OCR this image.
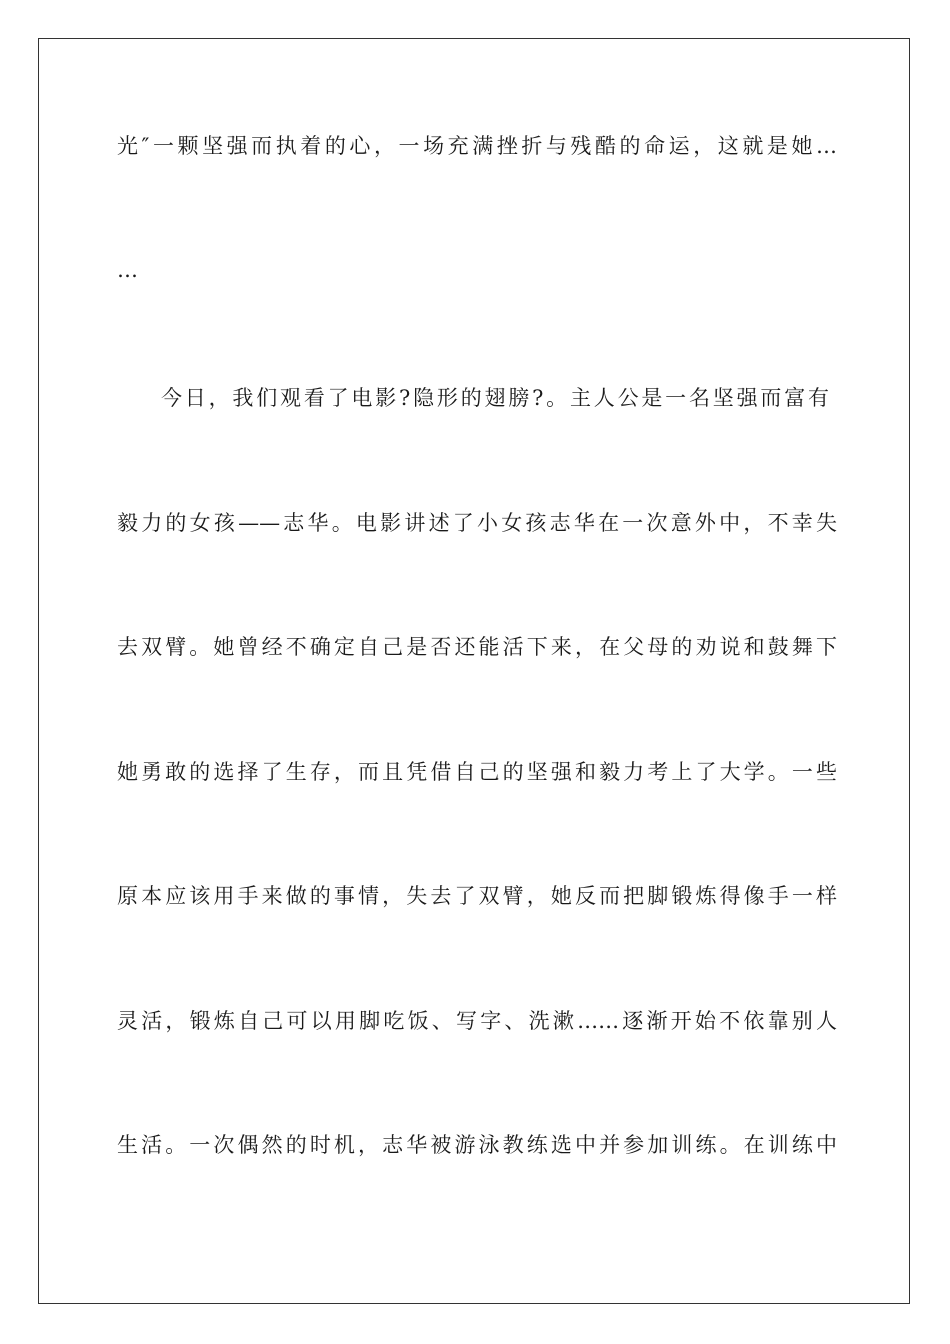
光″一颗坚强而执着的心，一场充满挫折与残酷的命运，这就是她…
…
今日，我们观看了电影?隐形的翅膀?。主人公是一名坚强而富有
毅力的女孩——志华。电影讲述了小女孩志华在一次意外中，不幸失
去双臂。她曾经不确定自己是否还能活下来，在父母的劝说和鼓舞下
她勇敢的选择了生存，而且凭借自己的坚强和毅力考上了大学。一些
原本应该用手来做的事情，失去了双臂，她反而把脚锻炼得像手一样
灵活，锻炼自己可以用脚吃饭、写字、洗漱……逐渐开始不依靠别人
生活。一次偶然的时机，志华被游泳教练选中并参加训练。在训练中
